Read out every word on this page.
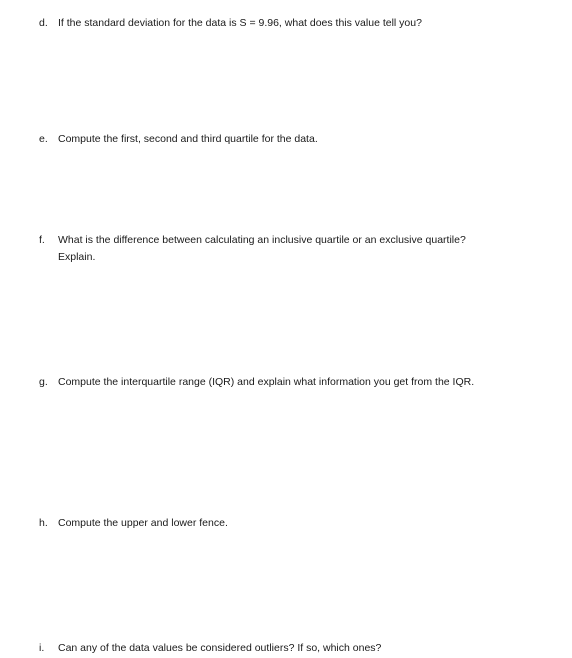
d. If the standard deviation for the data is S = 9.96, what does this value tell you?
e. Compute the first, second and third quartile for the data.
f.	What is the difference between calculating an inclusive quartile or an exclusive quartile?
Explain.
g. Compute the interquartile range (IQR) and explain what information you get from the IQR.
h. Compute the upper and lower fence.
i.	Can any of the data values be considered outliers? If so, which ones?
